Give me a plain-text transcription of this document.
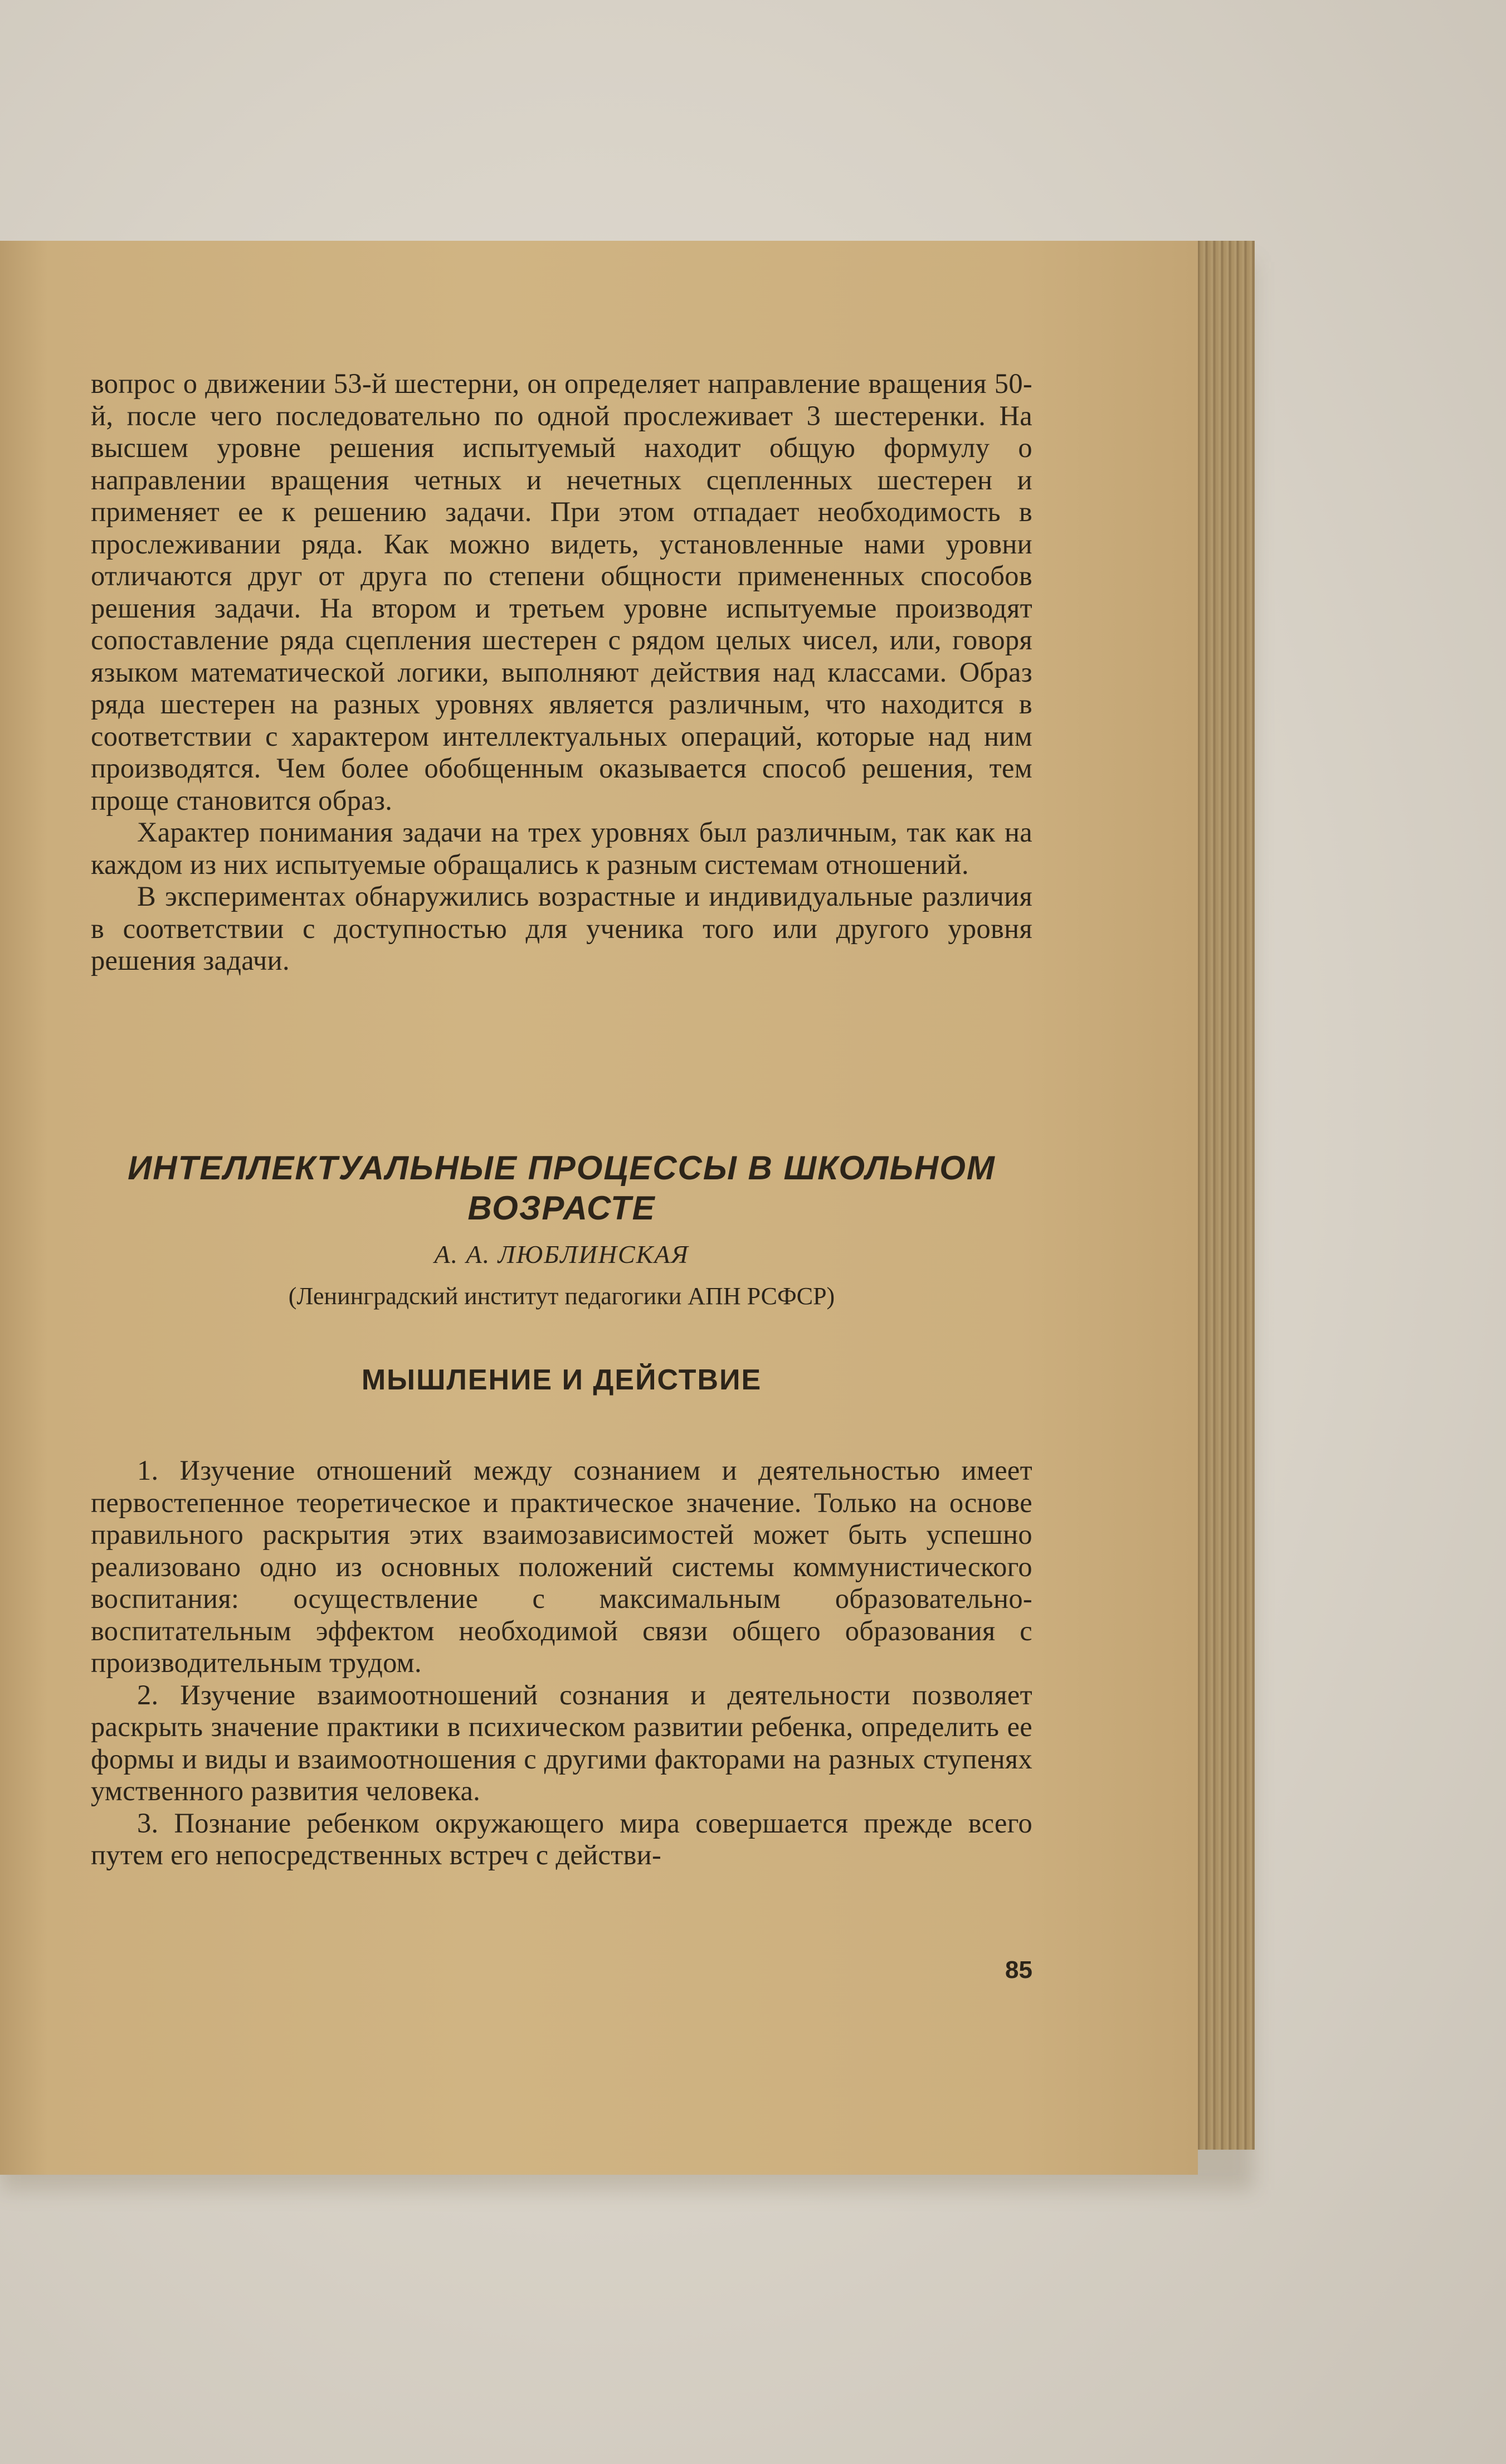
вопрос о движении 53-й шестерни, он определяет направление вращения 50-й, после чего последовательно по одной прослеживает 3 шестеренки. На высшем уровне решения испытуемый находит общую формулу о направлении вращения четных и нечетных сцепленных шестерен и применяет ее к решению задачи. При этом отпадает необходимость в прослеживании ряда. Как можно видеть, установленные нами уровни отличаются друг от друга по степени общности примененных способов решения задачи. На втором и третьем уровне испытуемые производят сопоставление ряда сцепления шестерен с рядом целых чисел, или, говоря языком математической логики, выполняют действия над классами. Образ ряда шестерен на разных уровнях является различным, что находится в соответствии с характером интеллектуальных операций, которые над ним производятся. Чем более обобщенным оказывается способ решения, тем проще становится образ.

Характер понимания задачи на трех уровнях был различным, так как на каждом из них испытуемые обращались к разным системам отношений.

В экспериментах обнаружились возрастные и индивидуальные различия в соответствии с доступностью для ученика того или другого уровня решения задачи.

ИНТЕЛЛЕКТУАЛЬНЫЕ ПРОЦЕССЫ В ШКОЛЬНОМ ВОЗРАСТЕ
А. А. ЛЮБЛИНСКАЯ
(Ленинградский институт педагогики АПН РСФСР)
МЫШЛЕНИЕ И ДЕЙСТВИЕ

1. Изучение отношений между сознанием и деятельностью имеет первостепенное теоретическое и практическое значение. Только на основе правильного раскрытия этих взаимозависимостей может быть успешно реализовано одно из основных положений системы коммунистического воспитания: осуществление с максимальным образовательно-воспитательным эффектом необходимой связи общего образования с производительным трудом.

2. Изучение взаимоотношений сознания и деятельности позволяет раскрыть значение практики в психическом развитии ребенка, определить ее формы и виды и взаимоотношения с другими факторами на разных ступенях умственного развития человека.

3. Познание ребенком окружающего мира совершается прежде всего путем его непосредственных встреч с действи-

85
